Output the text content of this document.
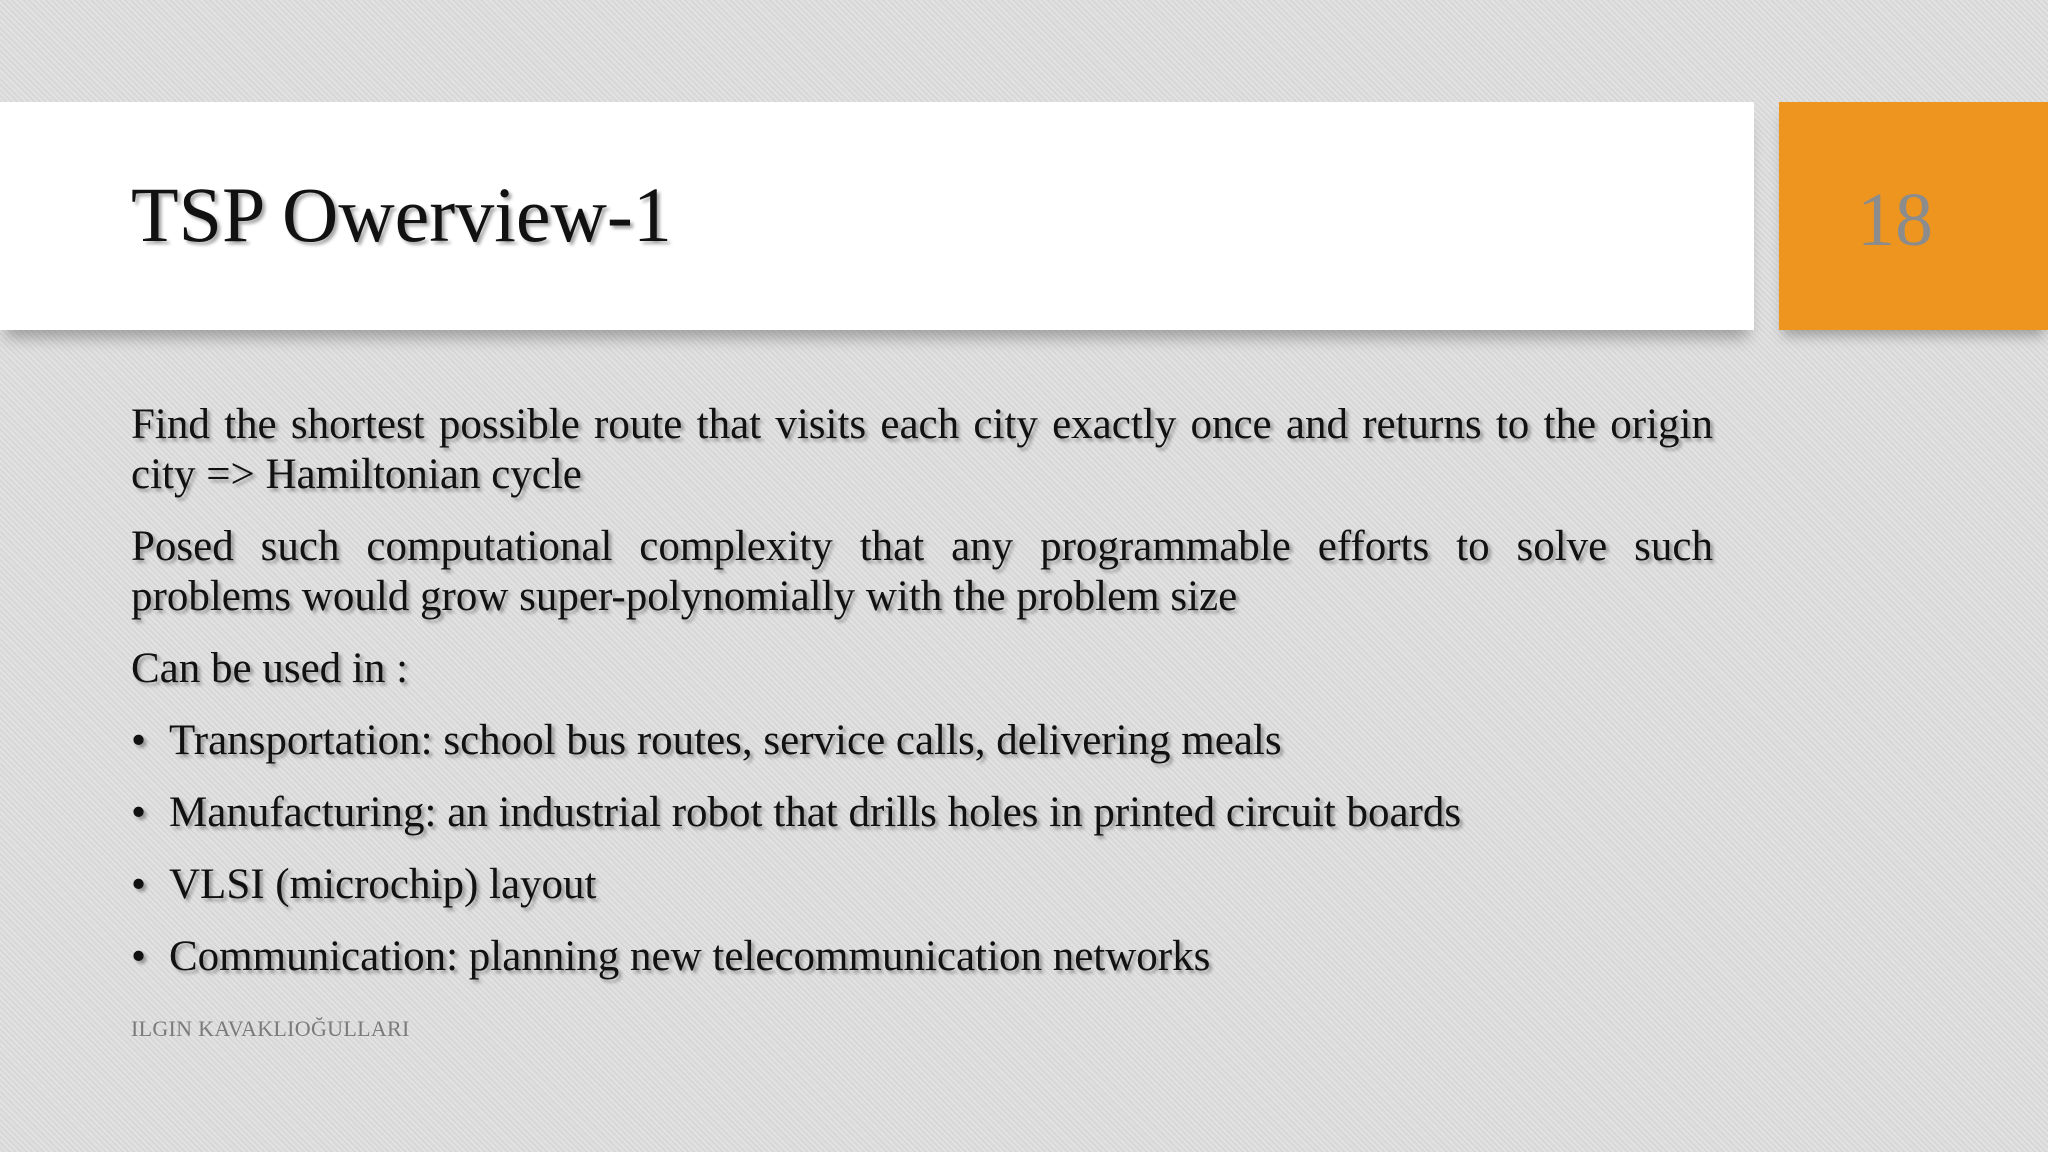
TSP Owerview-1	18

Find the shortest possible route that visits each city exactly once and returns to the origin city => Hamiltonian cycle

Posed such computational complexity that any programmable efforts to solve such problems would grow super-polynomially with the problem size

Can be used in :

• Transportation: school bus routes, service calls, delivering meals
• Manufacturing: an industrial robot that drills holes in printed circuit boards
• VLSI (microchip) layout
• Communication: planning new telecommunication networks
ILGIN KAVAKLIOĞULLARI
